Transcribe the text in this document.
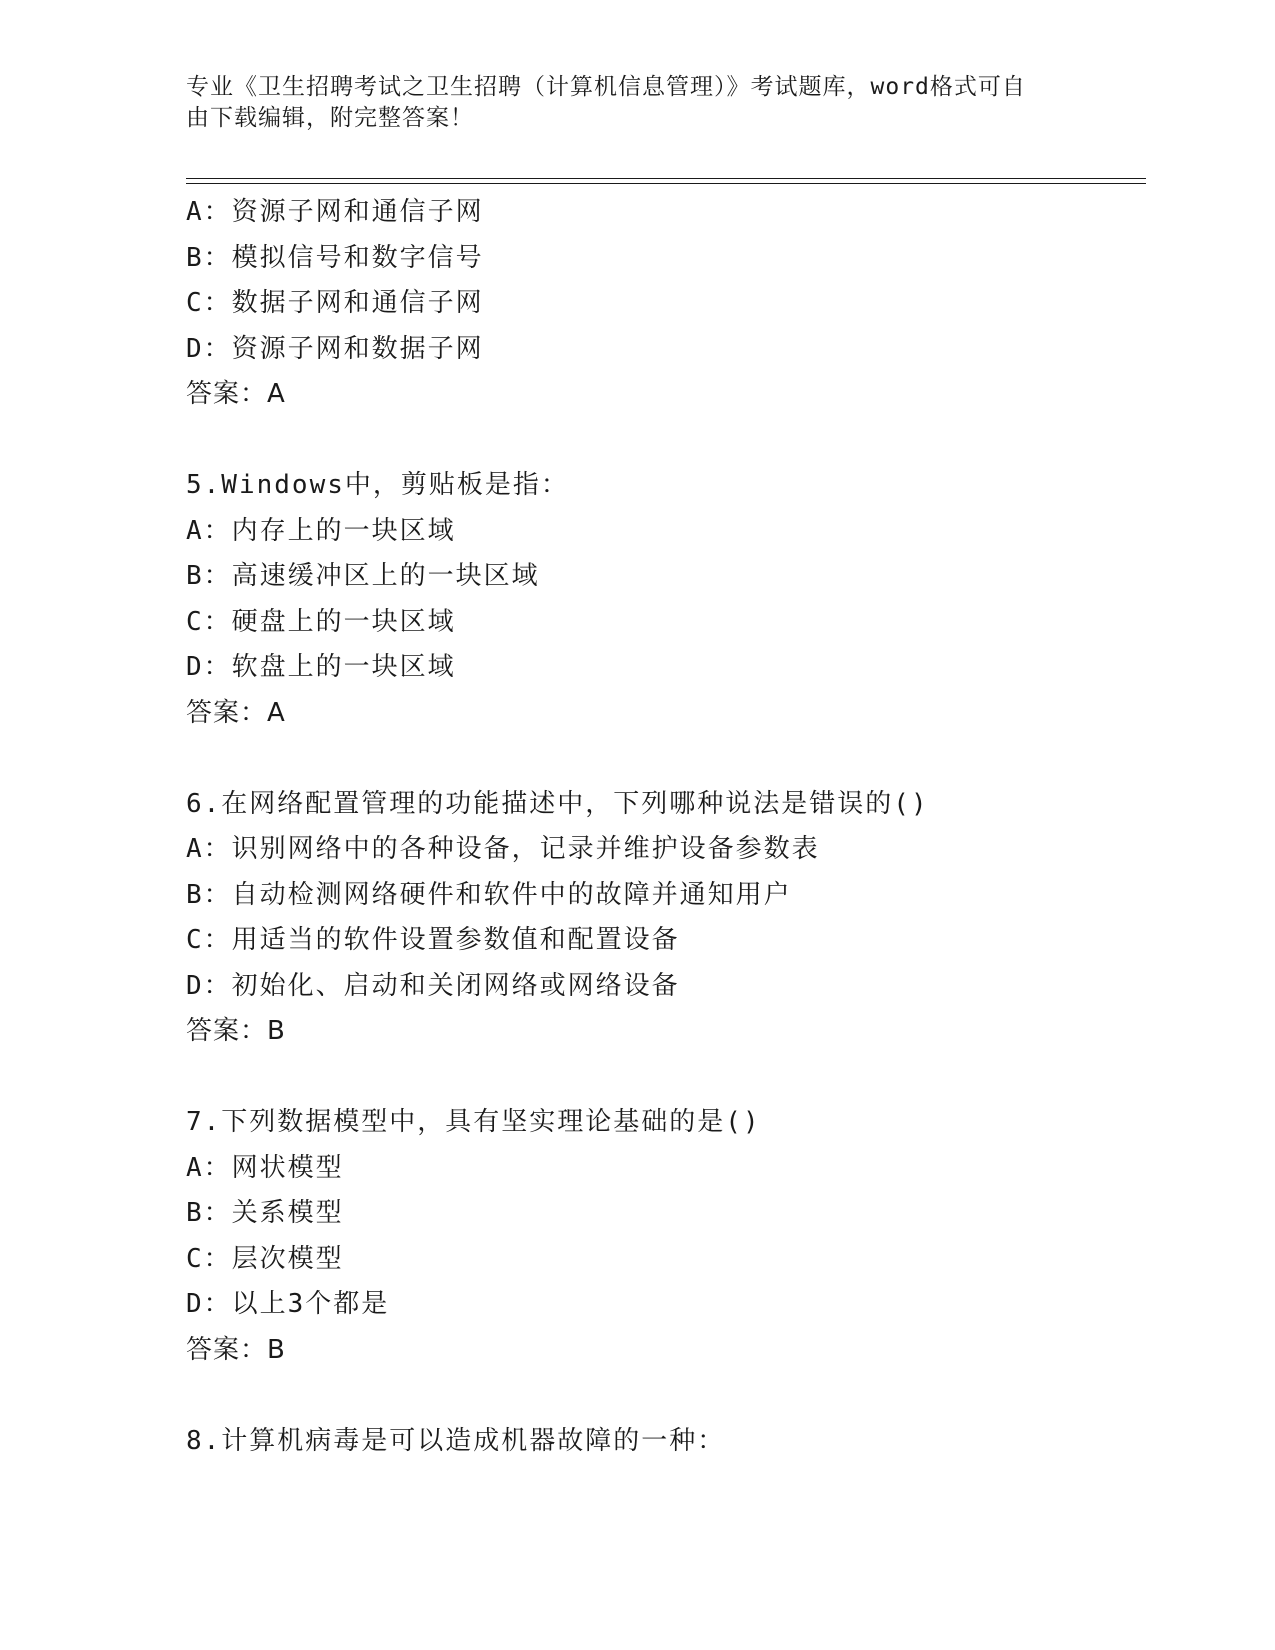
专业《卫生招聘考试之卫生招聘（计算机信息管理）》考试题库，word格式可自
由下载编辑，附完整答案！
A：资源子网和通信子网
B：模拟信号和数字信号
C：数据子网和通信子网
D：资源子网和数据子网
答案：A
5.Windows中，剪贴板是指：
A：内存上的一块区域
B：高速缓冲区上的一块区域
C：硬盘上的一块区域
D：软盘上的一块区域
答案：A
6.在网络配置管理的功能描述中，下列哪种说法是错误的()
A：识别网络中的各种设备，记录并维护设备参数表
B：自动检测网络硬件和软件中的故障并通知用户
C：用适当的软件设置参数值和配置设备
D：初始化、启动和关闭网络或网络设备
答案：B
7.下列数据模型中，具有坚实理论基础的是()
A：网状模型
B：关系模型
C：层次模型
D：以上3个都是
答案：B
8.计算机病毒是可以造成机器故障的一种：
